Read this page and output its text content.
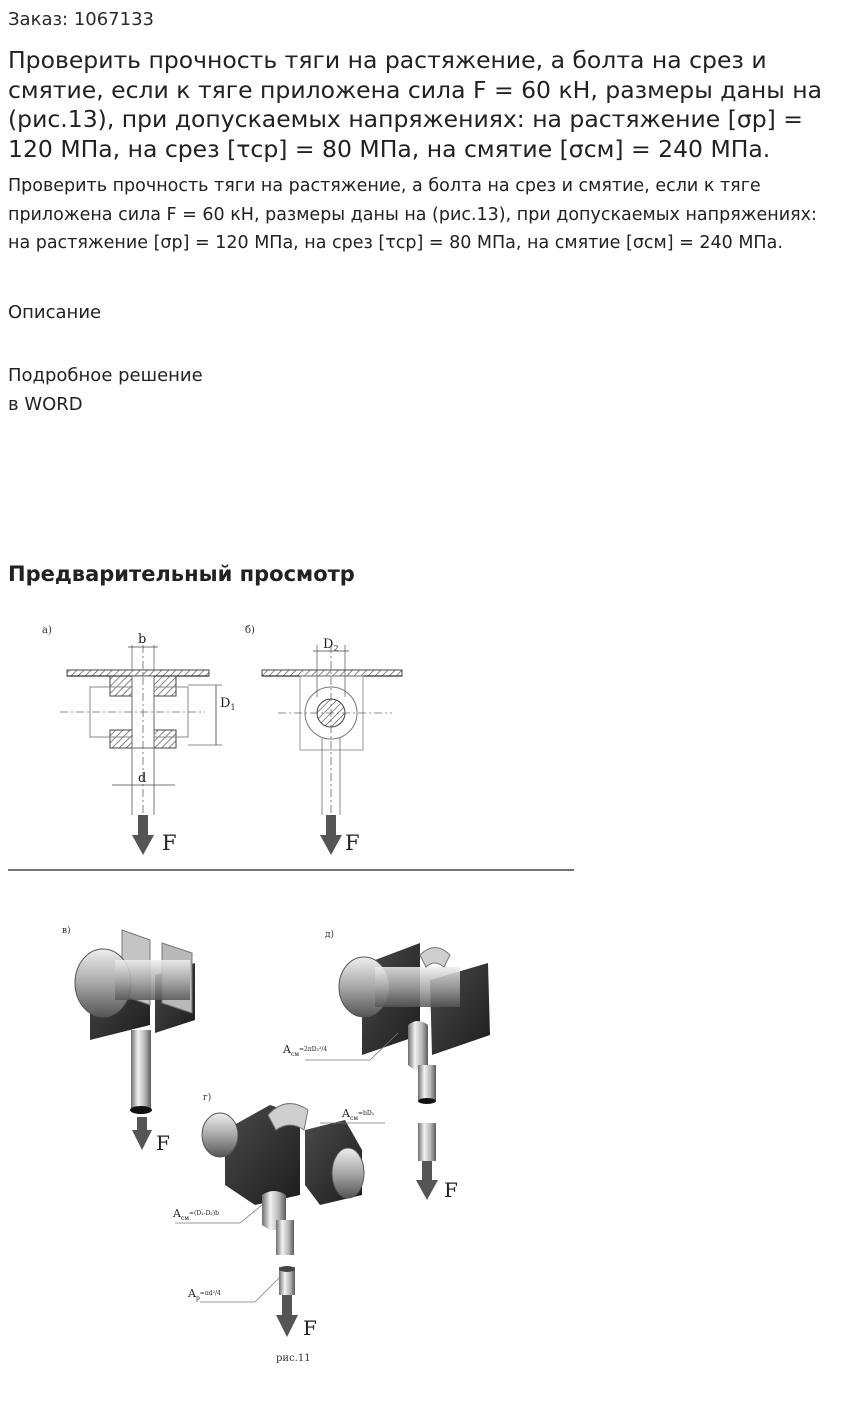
Заказ: 1067133
Проверить прочность тяги на растяжение, а болта на срез и смятие, если к тяге приложена сила F = 60 кН, размеры даны на (рис.13), при допускаемых напряжениях: на растяжение [σр] = 120 МПа, на срез [τср] = 80 МПа, на смятие [σсм] = 240 МПа.
Проверить прочность тяги на растяжение, а болта на срез и смятие, если к тяге приложена сила F = 60 кН, размеры даны на (рис.13), при допускаемых напряжениях: на растяжение [σр] = 120 МПа, на срез [τср] = 80 МПа, на смятие [σсм] = 240 МПа.
Описание
Подробное решение
в WORD
Предварительный просмотр
а)
b
$D_1$
d
F
б)
$D_2$
F
в)
F
д)
F
$A_{см}^{=2\pi D_2^2/4}$
г)
F
$A_{см}^{=bD_2}$
$A_{см}^{=(D_1-D_2)b}$
$A_р^{=\pi d^2/4}$
рис.11
